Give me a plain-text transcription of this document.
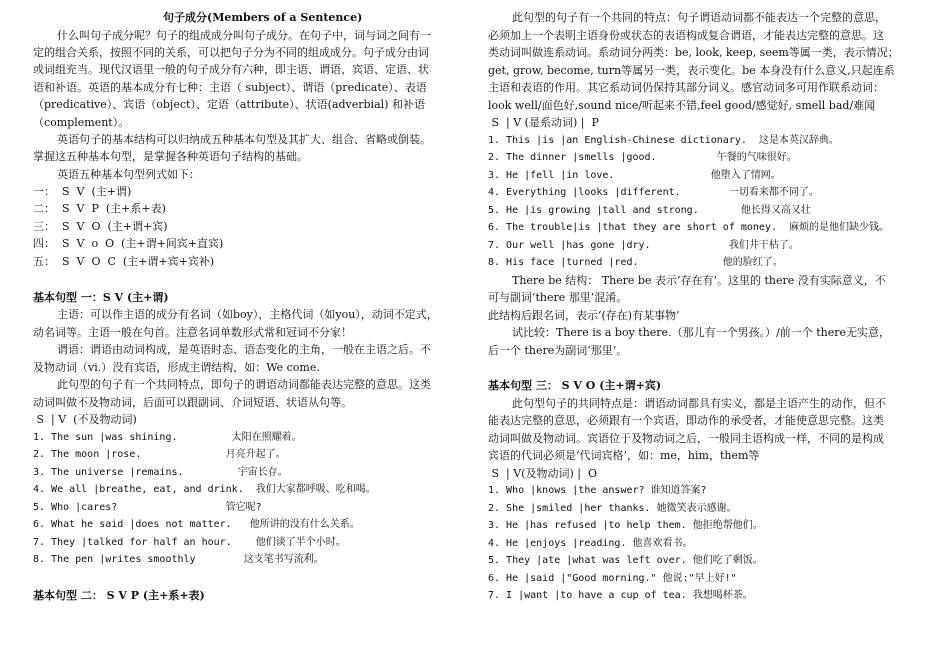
句子成分(Members of a Sentence)
什么叫句子成分呢？句子的组成成分叫句子成分。在句子中，词与词之间有一
定的组合关系，按照不同的关系，可以把句子分为不同的组成成分。句子成分由词
或词组充当。现代汉语里一般的句子成分有六种，即主语、谓语、宾语、定语、状
语和补语。英语的基本成分有七种：主语（ subject）、谓语（predicate）、表语
（predicative）、宾语（object）、定语（attribute）、状语(adverbial) 和补语
（complement）。
英语句子的基本结构可以归纳成五种基本句型及其扩大、组合、省略或倒装。
掌握这五种基本句型，是掌握各种英语句子结构的基础。
英语五种基本句型列式如下：
一：  S  V  (主+谓)
二：  S  V  P  (主+系+表)
三：  S  V  O  (主+谓+宾)
四：  S  V  o  O  (主+谓+间宾+直宾)
五：  S  V  O  C  (主+谓+宾+宾补)
基本句型 一：S V (主+谓)
主语：可以作主语的成分有名词（如boy），主格代词（如you），动词不定式，
动名词等。主语一般在句首。注意名词单数形式常和冠词不分家！
谓语：谓语由动词构成，是英语时态、语态变化的主角，一般在主语之后。不
及物动词（vi.）没有宾语，形成主谓结构，如：We come.
此句型的句子有一个共同特点，即句子的谓语动词都能表达完整的意思。这类
动词叫做不及物动词，后面可以跟副词、介词短语、状语从句等。
S  | V  (不及物动词)
1. The sun |was shining.         太阳在照耀着。
2. The moon |rose.              月亮升起了。
3. The universe |remains.         宇宙长存。
4. We all |breathe, eat, and drink.  我们大家都呼吸、吃和喝。
5. Who |cares?                  管它呢?
6. What he said |does not matter.   他所讲的没有什么关系。
7. They |talked for half an hour.    他们谈了半个小时。
8. The pen |writes smoothly        这支笔书写流利。
基本句型 二： S V P (主+系+表)
此句型的句子有一个共同的特点：句子谓语动词都不能表达一个完整的意思，
必须加上一个表明主语身份或状态的表语构成复合谓语，才能表达完整的意思。这
类动词叫做连系动词。系动词分两类：be, look, keep, seem等属一类，表示情况；
get, grow, become, turn等属另一类，表示变化。be 本身没有什么意义,只起连系
主语和表语的作用。其它系动词仍保持其部分词义。感官动词多可用作联系动词：
look well/面色好,sound nice/听起来不错,feel good/感觉好, smell bad/难闻
S  | V (是系动词) |  P
1. This |is |an English-Chinese dictionary.  这是本英汉辞典。
2. The dinner |smells |good.          午餐的气味很好。
3. He |fell |in love.                他堕入了情网。
4. Everything |looks |different.        一切看来都不同了。
5. He |is growing |tall and strong.       他长得又高又壮
6. The trouble|is |that they are short of money.  麻烦的是他们缺少钱。
7. Our well |has gone |dry.             我们井干枯了。
8. His face |turned |red.              他的脸红了。
There be 结构： There be 表示‘存在有’。这里的 there 没有实际意义，不
可与副词‘there 那里’混淆。
此结构后跟名词，表示‘(存在)有某事物’
试比较：There is a boy there.（那儿有一个男孩。）/前一个 there无实意，
后一个 there为副词‘那里’。
基本句型 三： S V O (主+谓+宾)
此句型句子的共同特点是：谓语动词都具有实义，都是主语产生的动作，但不
能表达完整的意思，必须跟有一个宾语，即动作的承受者，才能使意思完整。这类
动词叫做及物动词。宾语位于及物动词之后，一般同主语构成一样，不同的是构成
宾语的代词必须是‘代词宾格’，如：me，him，them等
S  | V(及物动词) |  O
1. Who |knows |the answer? 谁知道答案?
2. She |smiled |her thanks. 她微笑表示感谢。
3. He |has refused |to help them. 他拒绝帮他们。
4. He |enjoys |reading. 他喜欢看书。
5. They |ate |what was left over. 他们吃了剩饭。
6. He |said |"Good morning." 他说:"早上好!"
7. I |want |to have a cup of tea. 我想喝杯茶。
